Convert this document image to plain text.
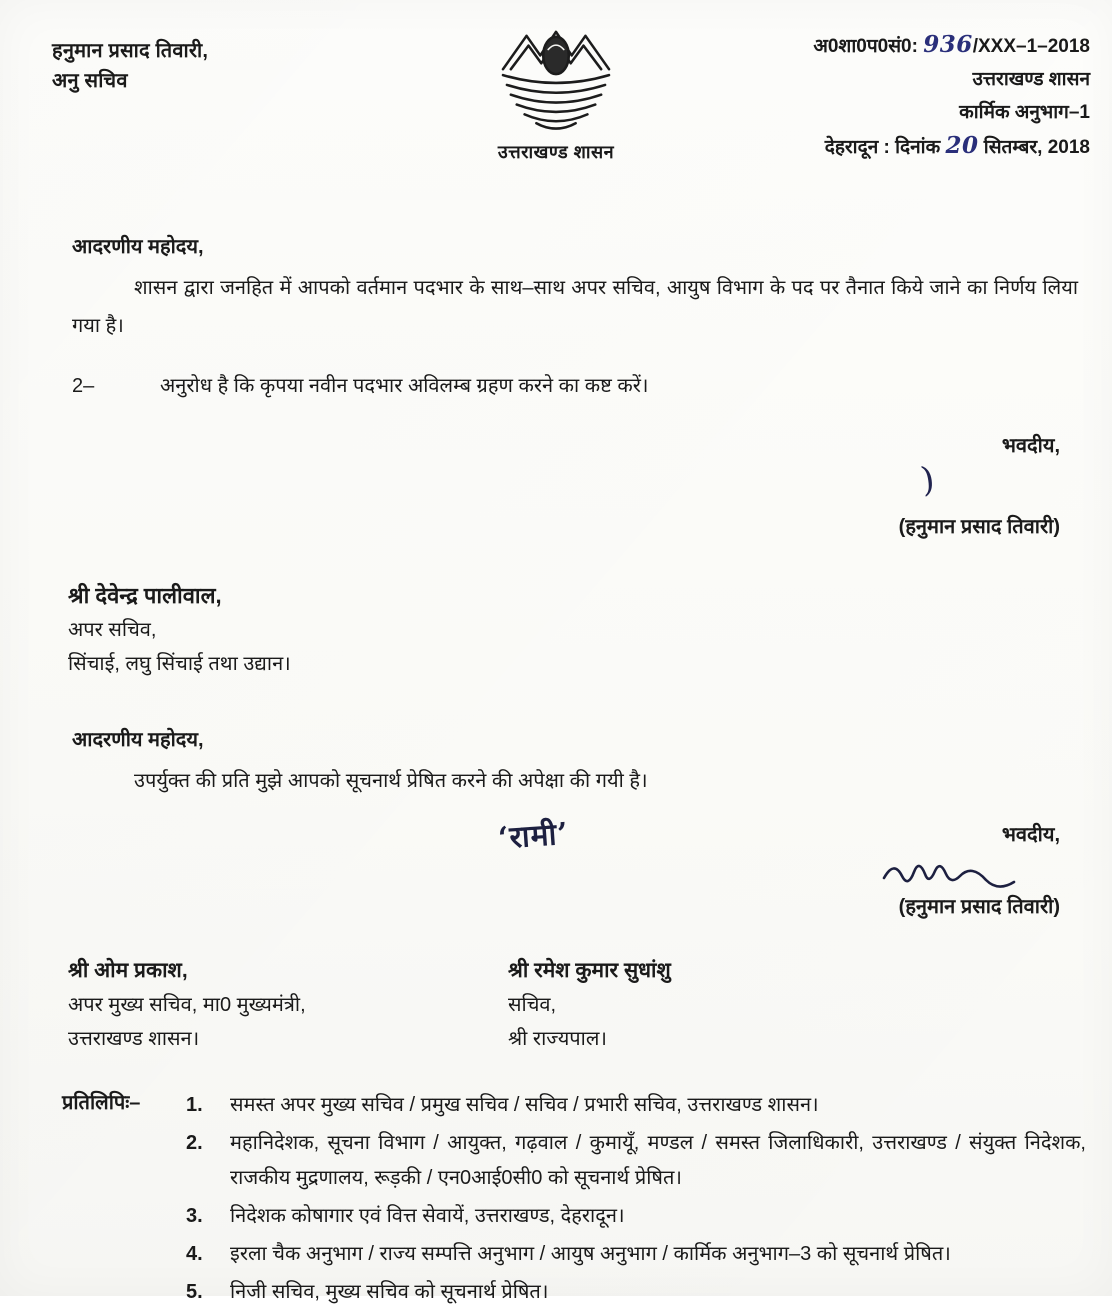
हनुमान प्रसाद तिवारी,
अनु सचिव
उत्तराखण्ड शासन
अ0शा0प0सं0: 936/XXX–1–2018
उत्तराखण्ड शासन
कार्मिक अनुभाग–1
देहरादून : दिनांक 20 सितम्बर, 2018
आदरणीय महोदय,
शासन द्वारा जनहित में आपको वर्तमान पदभार के साथ–साथ अपर सचिव, आयुष विभाग के पद पर तैनात किये जाने का निर्णय लिया गया है।
2–	अनुरोध है कि कृपया नवीन पदभार अविलम्ब ग्रहण करने का कष्ट करें।
भवदीय,
)
(हनुमान प्रसाद तिवारी)
श्री देवेन्द्र पालीवाल,
अपर सचिव,
सिंचाई, लघु सिंचाई तथा उद्यान।
आदरणीय महोदय,
उपर्युक्त की प्रति मुझे आपको सूचनार्थ प्रेषित करने की अपेक्षा की गयी है।
‘रामी’	भवदीय,
(हनुमान प्रसाद तिवारी)
श्री ओम प्रकाश,
अपर मुख्य सचिव, मा0 मुख्यमंत्री,
उत्तराखण्ड शासन।
श्री रमेश कुमार सुधांशु
सचिव,
श्री राज्यपाल।
प्रतिलिपिः–	1.	समस्त अपर मुख्य सचिव / प्रमुख सचिव / सचिव / प्रभारी सचिव, उत्तराखण्ड शासन।
2.	महानिदेशक, सूचना विभाग / आयुक्त, गढ़वाल / कुमायूँ, मण्डल / समस्त जिलाधिकारी, उत्तराखण्ड / संयुक्त निदेशक, राजकीय मुद्रणालय, रूड़की / एन0आई0सी0 को सूचनार्थ प्रेषित।
3.	निदेशक कोषागार एवं वित्त सेवायें, उत्तराखण्ड, देहरादून।
4.	इरला चैक अनुभाग / राज्य सम्पत्ति अनुभाग / आयुष अनुभाग / कार्मिक अनुभाग–3 को सूचनार्थ प्रेषित।
5.	निजी सचिव, मुख्य सचिव को सूचनार्थ प्रेषित।
